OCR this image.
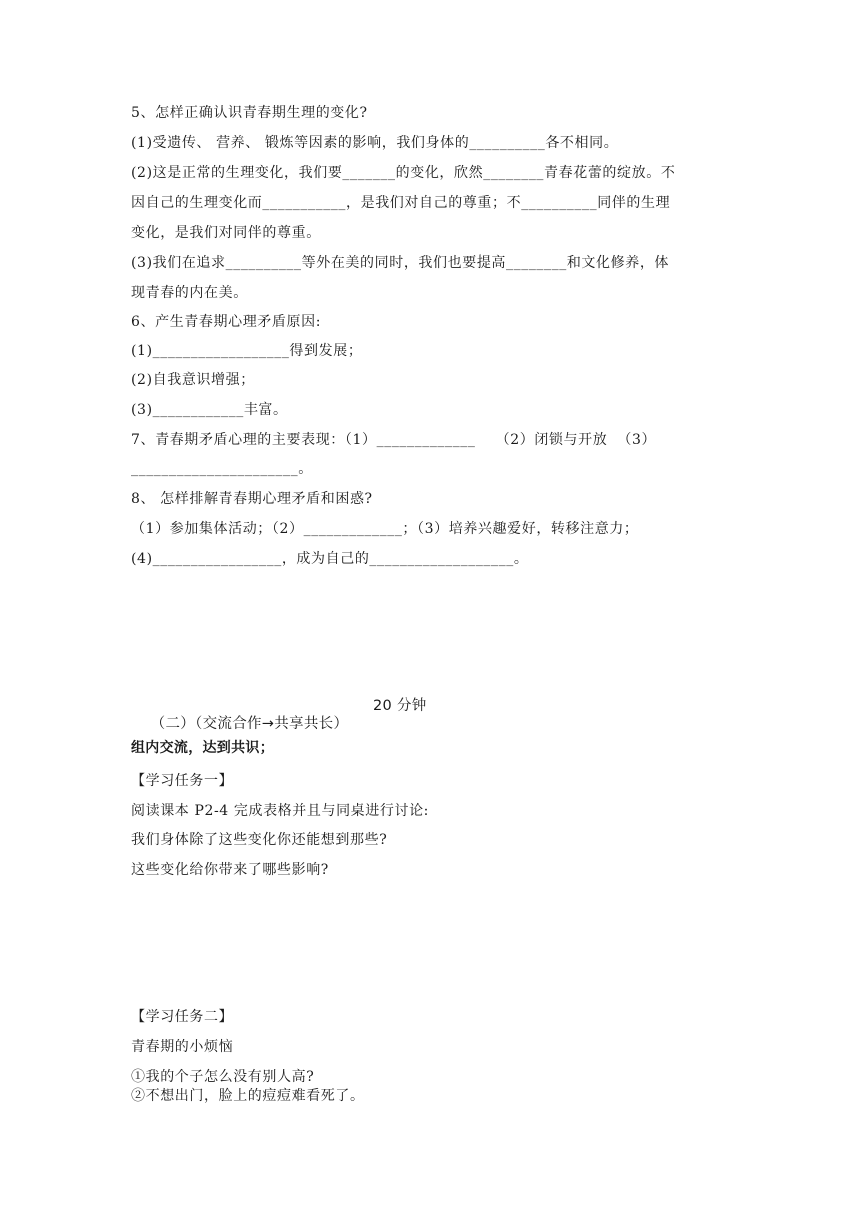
5、怎样正确认识青春期生理的变化?
(1)受遗传、 营养、 锻炼等因素的影响，我们身体的__________各不相同。
(2)这是正常的生理变化，我们要_______的变化，欣然________青春花蕾的绽放。不
因自己的生理变化而___________，是我们对自己的尊重；不__________同伴的生理
变化，是我们对同伴的尊重。
(3)我们在追求__________等外在美的同时，我们也要提高________和文化修养，体
现青春的内在美。
6、产生青春期心理矛盾原因:
(1)__________________得到发展；
(2)自我意识增强；
(3)____________丰富。
7、青春期矛盾心理的主要表现：（1）_____________    （2）闭锁与开放  （3）
______________________。
8、 怎样排解青春期心理矛盾和困惑?
（1）参加集体活动；（2）_____________；（3）培养兴趣爱好，转移注意力；
(4)_________________，成为自己的___________________。

（二）（交流合作→共享共长）

20 分钟

组内交流，达到共识；
【学习任务一】
阅读课本 P2-4 完成表格并且与同桌进行讨论:
我们身体除了这些变化你还能想到那些?
这些变化给你带来了哪些影响?
【学习任务二】
青春期的小烦恼
①我的个子怎么没有别人高?
②不想出门，脸上的痘痘难看死了。
